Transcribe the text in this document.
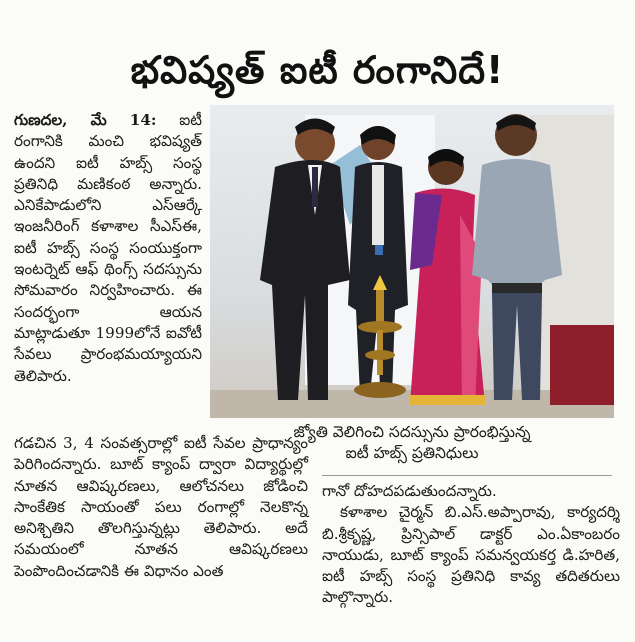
భవిష్యత్ ఐటీ రంగానిదే!

గుణదల, మే 14: ఐటీ రంగానికి మంచి భవిష్యత్ ఉందని ఐటీ హబ్స్ సంస్థ ప్రతినిధి మణికంఠ అన్నారు. ఎనికేపాడులోని ఎస్ఆర్కే ఇంజనీరింగ్ కళాశాల సీఎస్ఈ, ఐటీ హబ్స్ సంస్థ సంయుక్తంగా ఇంటర్నెట్ ఆఫ్ థింగ్స్ సదస్సును సోమవారం నిర్వహించారు. ఈ సందర్భంగా ఆయన మాట్లాడుతూ 1999లోనే ఐవోటీ సేవలు ప్రారంభమయ్యాయని తెలిపారు.

జ్యోతి వెలిగించి సదస్సును ప్రారంభిస్తున్న
ఐటీ హబ్స్ ప్రతినిధులు

గడచిన 3, 4 సంవత్సరాల్లో ఐటీ సేవల ప్రాధాన్యం పెరిగిందన్నారు. బూట్ క్యాంప్ ద్వారా విద్యార్థుల్లో నూతన ఆవిష్కరణలు, ఆలోచనలు జోడించి సాంకేతిక సాయంతో పలు రంగాల్లో నెలకొన్న అనిశ్చితిని తొలగిస్తున్నట్లు తెలిపారు. అదే సమయంలో నూతన ఆవిష్కరణలు పెంపొందించడానికి ఈ విధానం ఎంత

గానో దోహదపడుతుందన్నారు.

కళాశాల చైర్మన్ బి.ఎస్.అప్పారావు, కార్యదర్శి బి.శ్రీకృష్ణ, ప్రిన్సిపాల్ డాక్టర్ ఎం.ఏకాంబరం నాయుడు, బూట్ క్యాంప్ సమన్వయకర్త డి.హరిత, ఐటీ హబ్స్ సంస్థ ప్రతినిధి కావ్య తదితరులు పాల్గొన్నారు.
